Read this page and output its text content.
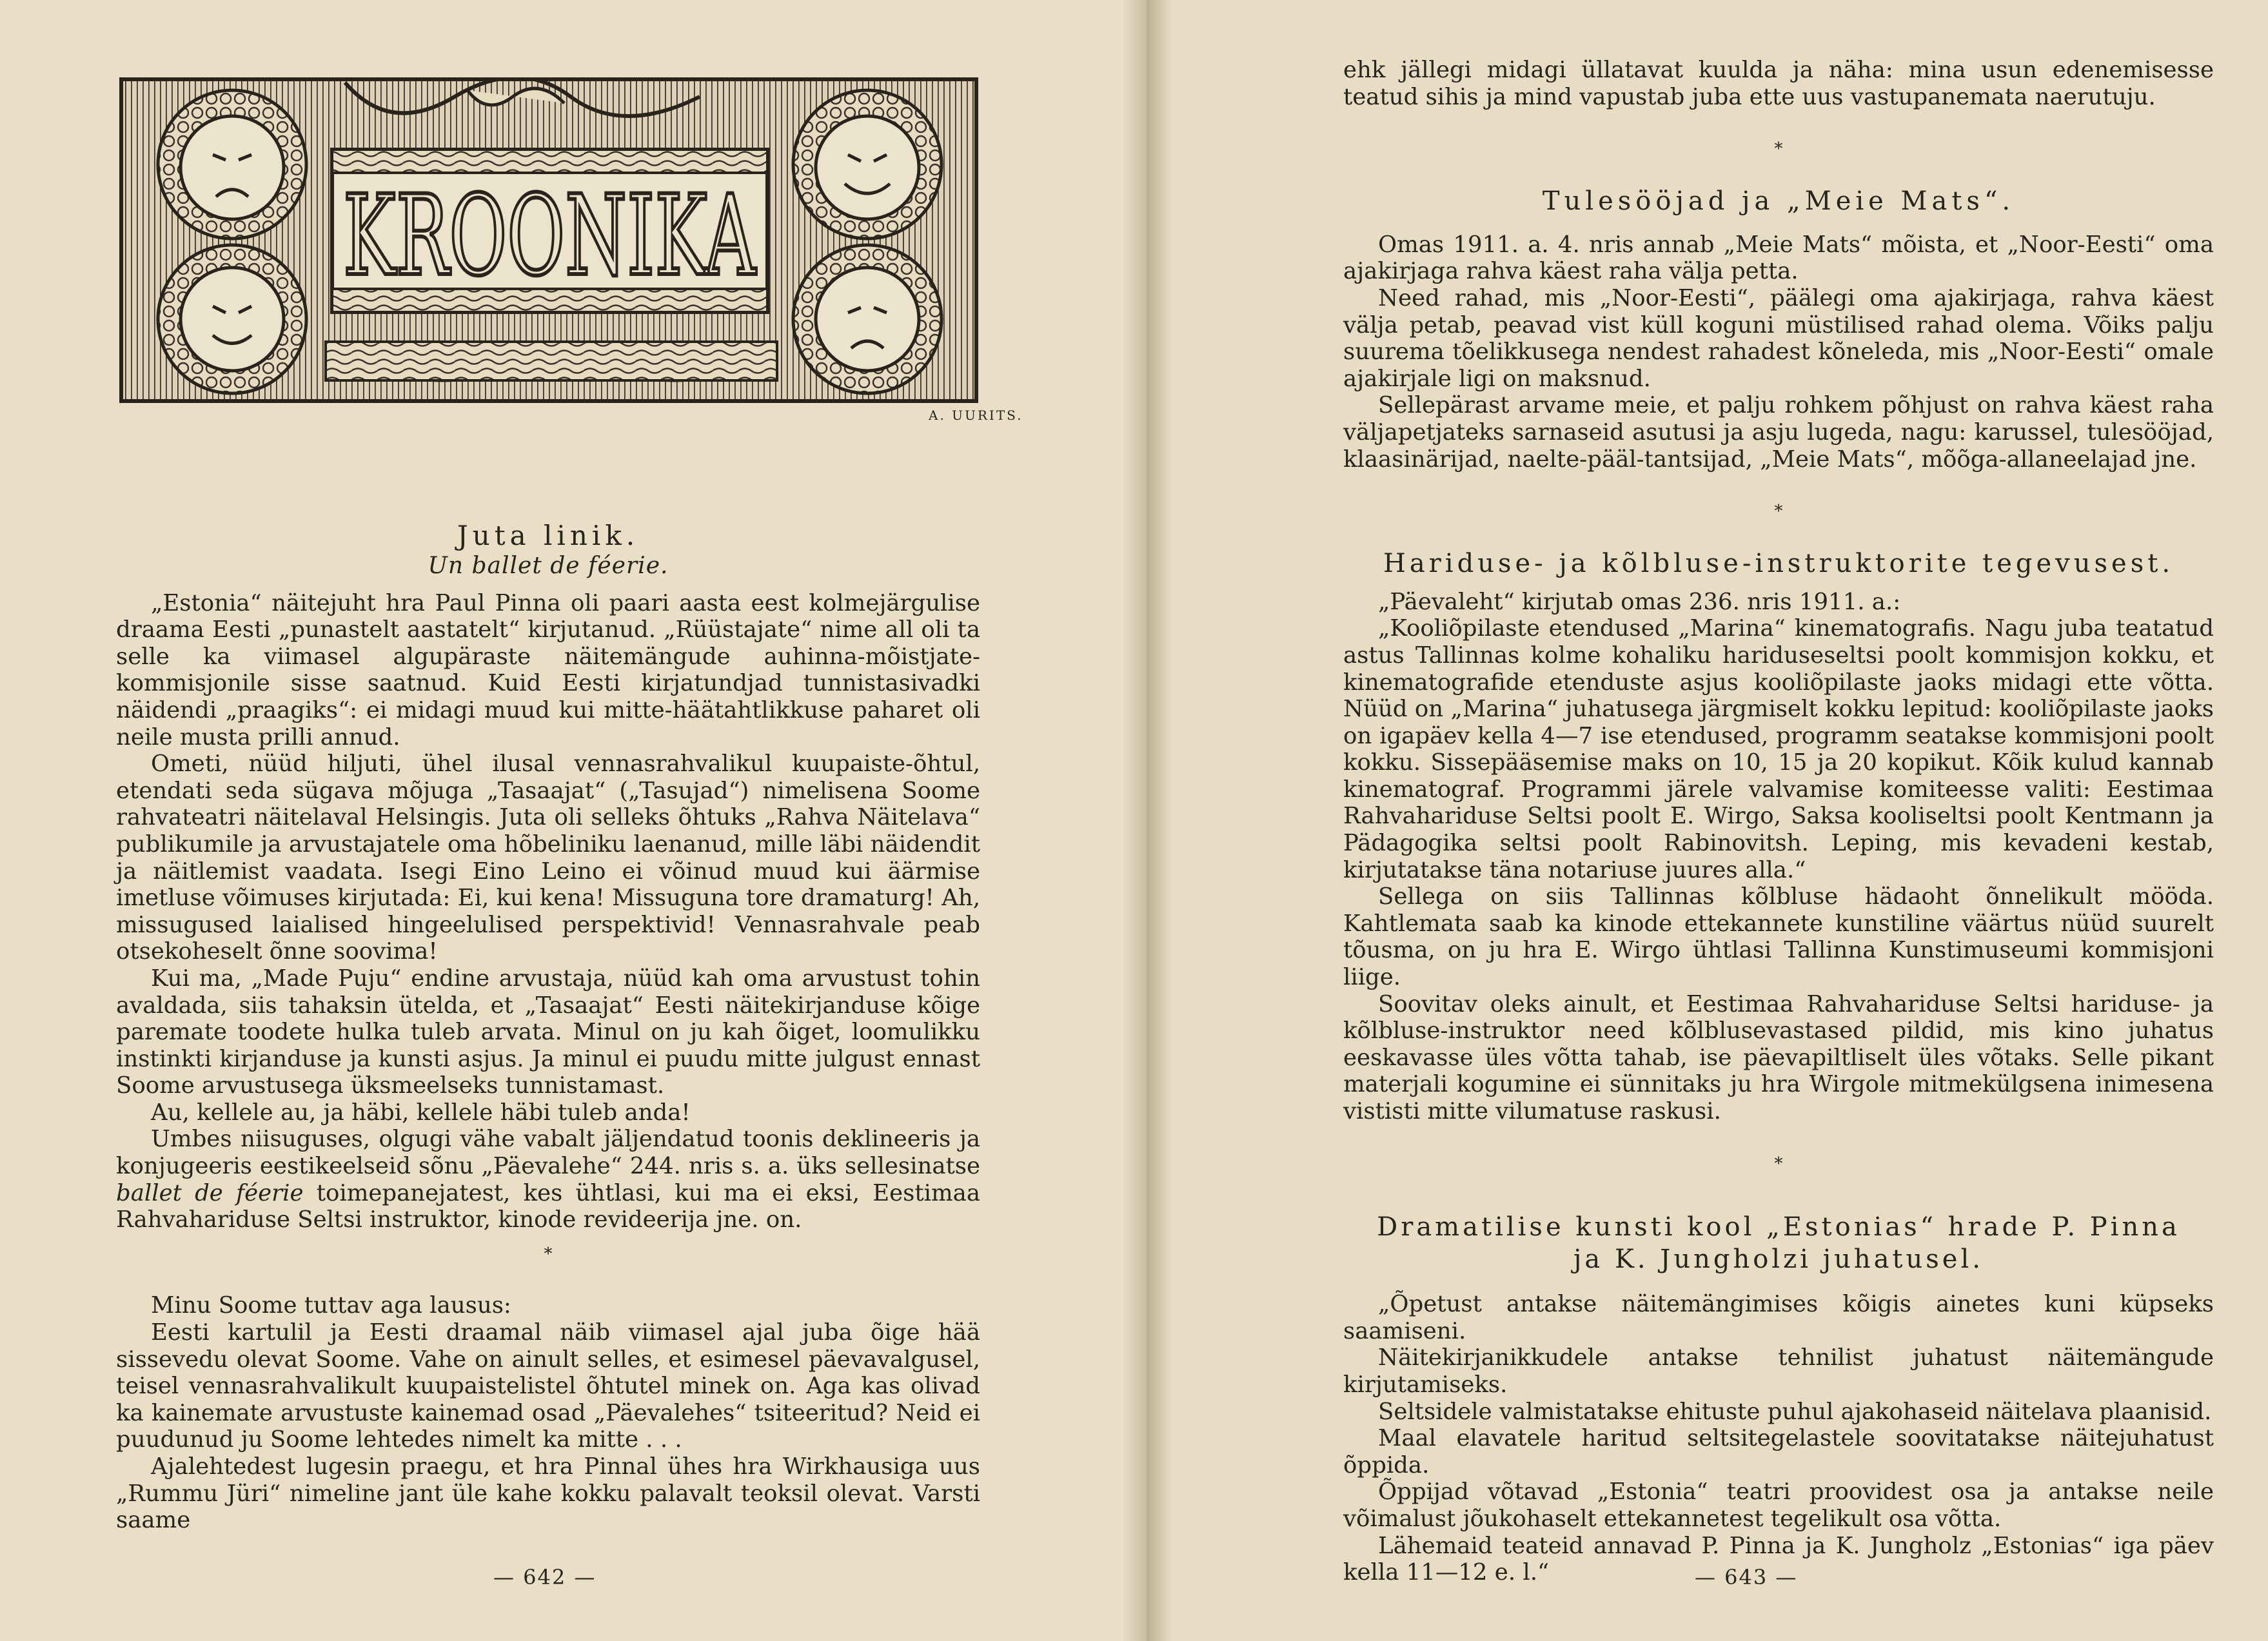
KROONIKA
A. UURITS.

Juta linik.

Un ballet de féerie.

„Estonia“ näitejuht hra Paul Pinna oli paari aasta eest kolmejärgulise draama Eesti „punastelt aastatelt“ kirjutanud. „Rüüstajate“ nime all oli ta selle ka viimasel algupäraste näitemängude auhinna-mõistjate-kommisjonile sisse saatnud. Kuid Eesti kirjatundjad tunnistasivadki näidendi „praagiks“: ei midagi muud kui mitte-häätahtlikkuse paharet oli neile musta prilli annud.

Ometi, nüüd hiljuti, ühel ilusal vennasrahvalikul kuupaiste-õhtul, etendati seda sügava mõjuga „Tasaajat“ („Tasujad“) nimelisena Soome rahvateatri näitelaval Helsingis. Juta oli selleks õhtuks „Rahva Näitelava“ publikumile ja arvustajatele oma hõbeliniku laenanud, mille läbi näidendit ja näitlemist vaadata. Isegi Eino Leino ei võinud muud kui äärmise imetluse võimuses kirjutada: Ei, kui kena! Missuguna tore dramaturg! Ah, missugused laialised hingeelulised perspektivid! Vennasrahvale peab otsekoheselt õnne soovima!

Kui ma, „Made Puju“ endine arvustaja, nüüd kah oma arvustust tohin avaldada, siis tahaksin ütelda, et „Tasaajat“ Eesti näitekirjanduse kõige paremate toodete hulka tuleb arvata. Minul on ju kah õiget, loomulikku instinkti kirjanduse ja kunsti asjus. Ja minul ei puudu mitte julgust ennast Soome arvustusega üksmeelseks tunnistamast.

Au, kellele au, ja häbi, kellele häbi tuleb anda!

Umbes niisuguses, olgugi vähe vabalt jäljendatud toonis deklineeris ja konjugeeris eestikeelseid sõnu „Päevalehe“ 244. nris s. a. üks sellesinatse ballet de féerie toimepanejatest, kes ühtlasi, kui ma ei eksi, Eestimaa Rahvahariduse Seltsi instruktor, kinode revideerija jne. on.

*

Minu Soome tuttav aga lausus:

Eesti kartulil ja Eesti draamal näib viimasel ajal juba õige hää sissevedu olevat Soome. Vahe on ainult selles, et esimesel päevavalgusel, teisel vennasrahvalikult kuupaistelistel õhtutel minek on. Aga kas olivad ka kainemate arvustuste kainemad osad „Päevalehes“ tsiteeritud? Neid ei puudunud ju Soome lehtedes nimelt ka mitte . . .

Ajalehtedest lugesin praegu, et hra Pinnal ühes hra Wirkhausiga uus „Rummu Jüri“ nimeline jant üle kahe kokku palavalt teoksil olevat. Varsti saame

— 642 —

ehk jällegi midagi üllatavat kuulda ja näha: mina usun edenemisesse teatud sihis ja mind vapustab juba ette uus vastupanemata naerutuju.

*

Tulesööjad ja „Meie Mats“.

Omas 1911. a. 4. nris annab „Meie Mats“ mõista, et „Noor-Eesti“ oma ajakirjaga rahva käest raha välja petta.

Need rahad, mis „Noor-Eesti“, päälegi oma ajakirjaga, rahva käest välja petab, peavad vist küll koguni müstilised rahad olema. Võiks palju suurema tõelikkusega nendest rahadest kõneleda, mis „Noor-Eesti“ omale ajakirjale ligi on maksnud.

Sellepärast arvame meie, et palju rohkem põhjust on rahva käest raha väljapetjateks sarnaseid asutusi ja asju lugeda, nagu: karussel, tulesööjad, klaasinärijad, naelte-pääl-tantsijad, „Meie Mats“, mõõga-allaneelajad jne.

*

Hariduse- ja kõlbluse-instruktorite tegevusest.

„Päevaleht“ kirjutab omas 236. nris 1911. a.:

„Kooliõpilaste etendused „Marina“ kinematografis. Nagu juba teatatud astus Tallinnas kolme kohaliku hariduseseltsi poolt kommisjon kokku, et kinematografide etenduste asjus kooliõpilaste jaoks midagi ette võtta. Nüüd on „Marina“ juhatusega järgmiselt kokku lepitud: kooliõpilaste jaoks on igapäev kella 4—7 ise etendused, programm seatakse kommisjoni poolt kokku. Sissepääsemise maks on 10, 15 ja 20 kopikut. Kõik kulud kannab kinematograf. Programmi järele valvamise komiteesse valiti: Eestimaa Rahvahariduse Seltsi poolt E. Wirgo, Saksa kooliseltsi poolt Kentmann ja Pädagogika seltsi poolt Rabinovitsh. Leping, mis kevadeni kestab, kirjutatakse täna notariuse juures alla.“

Sellega on siis Tallinnas kõlbluse hädaoht õnnelikult mööda. Kahtlemata saab ka kinode ettekannete kunstiline väärtus nüüd suurelt tõusma, on ju hra E. Wirgo ühtlasi Tallinna Kunstimuseumi kommisjoni liige.

Soovitav oleks ainult, et Eestimaa Rahvahariduse Seltsi hariduse- ja kõlbluse-instruktor need kõlblusevastased pildid, mis kino juhatus eeskavasse üles võtta tahab, ise päevapiltliselt üles võtaks. Selle pikant materjali kogumine ei sünnitaks ju hra Wirgole mitmekülgsena inimesena vististi mitte vilumatuse raskusi.

*

Dramatilise kunsti kool „Estonias“ hrade P. Pinna

ja K. Jungholzi juhatusel.

„Õpetust antakse näitemängimises kõigis ainetes kuni küpseks saamiseni.

Näitekirjanikkudele antakse tehnilist juhatust näitemängude kirjutamiseks.

Seltsidele valmistatakse ehituste puhul ajakohaseid näitelava plaanisid.

Maal elavatele haritud seltsitegelastele soovitatakse näitejuhatust õppida.

Õppijad võtavad „Estonia“ teatri proovidest osa ja antakse neile võimalust jõukohaselt ettekannetest tegelikult osa võtta.

Lähemaid teateid annavad P. Pinna ja K. Jungholz „Estonias“ iga päev kella 11—12 e. l.“	— 643 —
